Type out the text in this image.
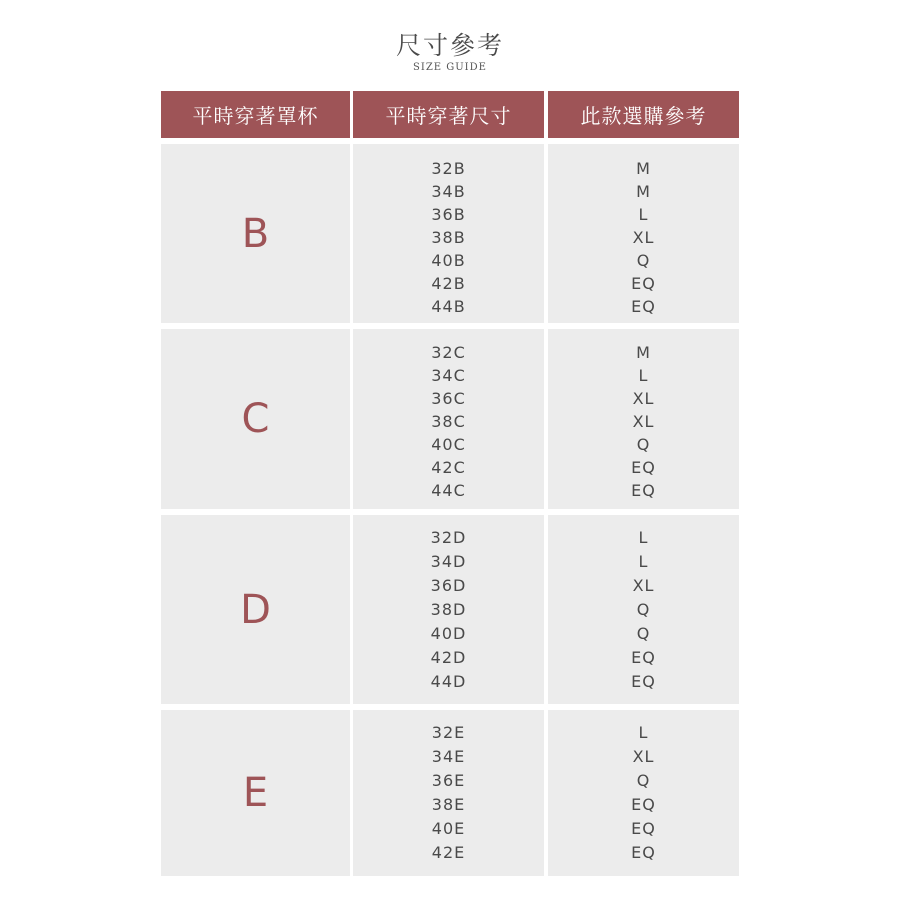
尺寸參考
SIZE GUIDE
平時穿著罩杯	平時穿著尺寸	此款選購參考
B
32B
34B
36B
38B
40B
42B
44B
M
M
L
XL
Q
EQ
EQ
C
32C
34C
36C
38C
40C
42C
44C
M
L
XL
XL
Q
EQ
EQ
D
32D
34D
36D
38D
40D
42D
44D
L
L
XL
Q
Q
EQ
EQ
E
32E
34E
36E
38E
40E
42E
L
XL
Q
EQ
EQ
EQ
